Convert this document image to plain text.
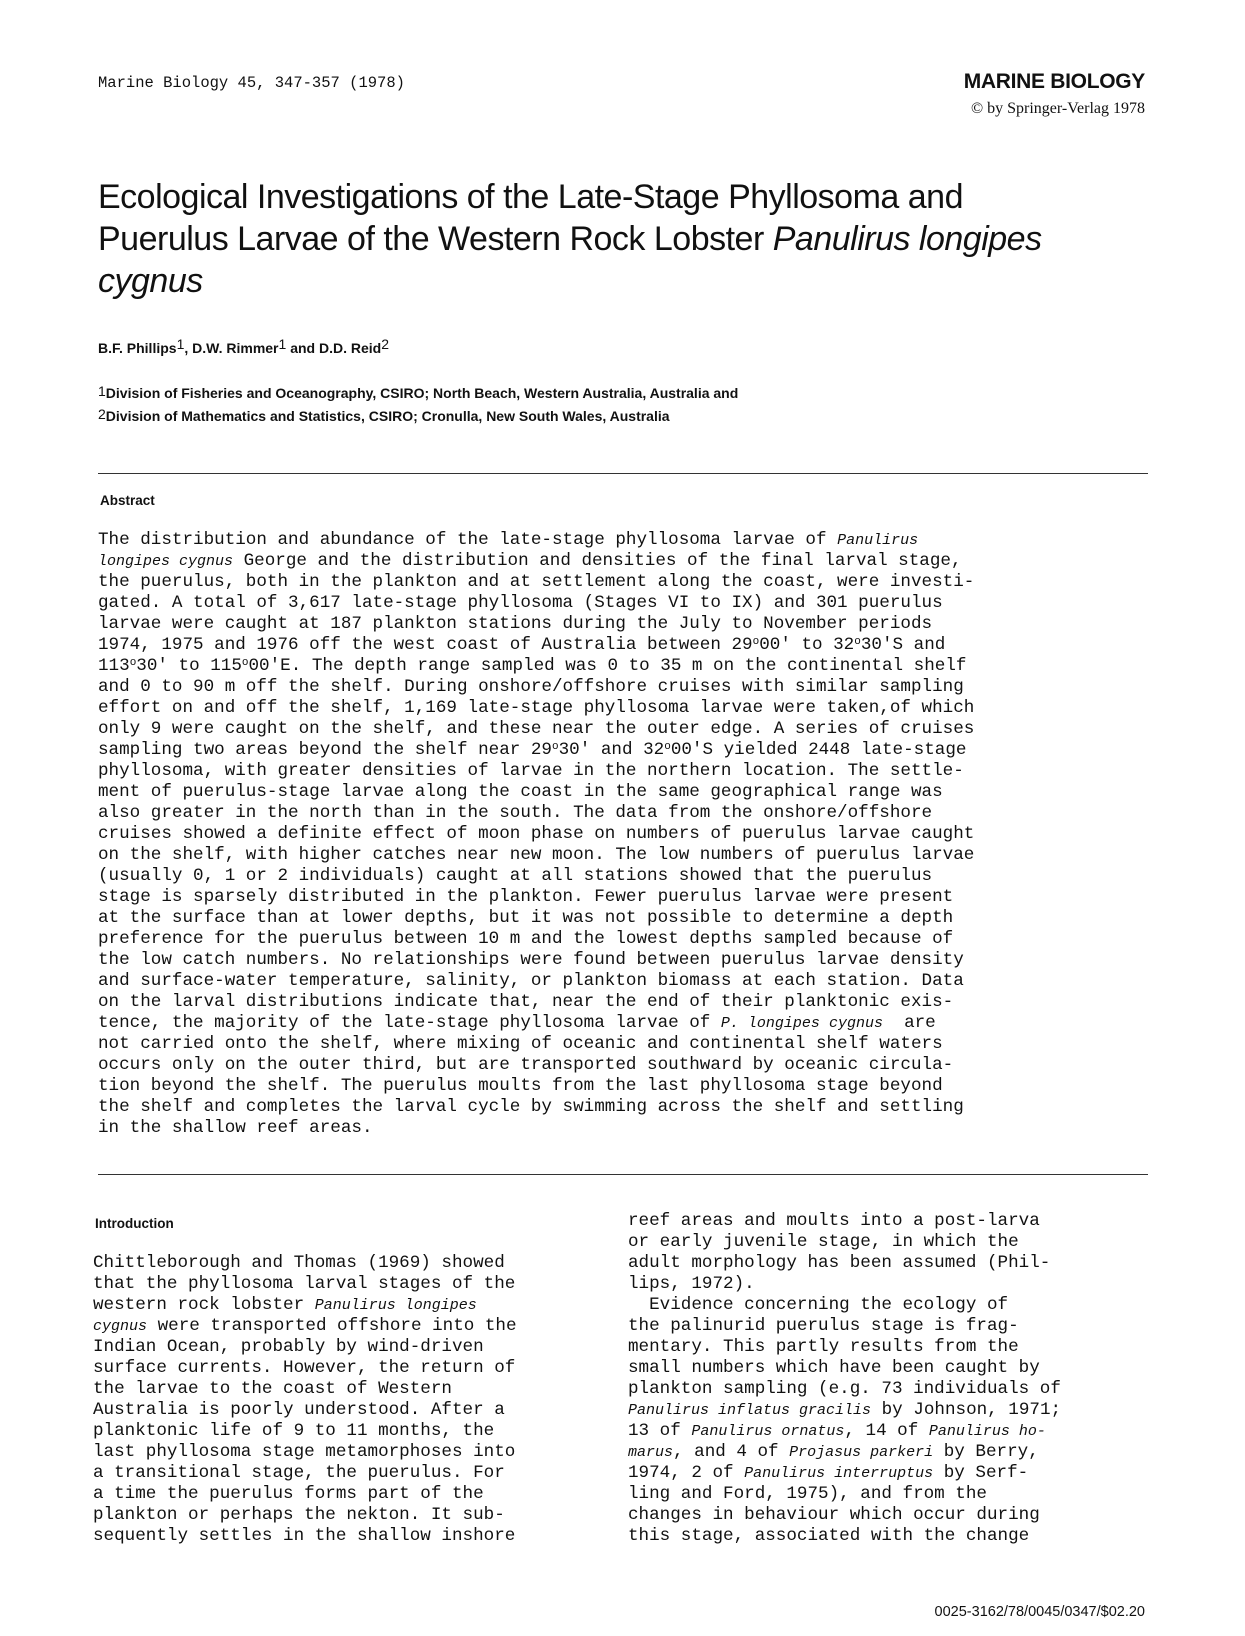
Marine Biology 45, 347-357 (1978)	MARINE BIOLOGY
© by Springer-Verlag 1978
Ecological Investigations of the Late-Stage Phyllosoma and
Puerulus Larvae of the Western Rock Lobster Panulirus longipes
cygnus
B.F. Phillips$^1$, D.W. Rimmer$^1$ and D.D. Reid$^2$
$^1$Division of Fisheries and Oceanography, CSIRO; North Beach, Western Australia, Australia and
$^2$Division of Mathematics and Statistics, CSIRO; Cronulla, New South Wales, Australia
Abstract
The distribution and abundance of the late-stage phyllosoma larvae of Panulirus
longipes cygnus George and the distribution and densities of the final larval stage,
the puerulus, both in the plankton and at settlement along the coast, were investi-
gated. A total of 3,617 late-stage phyllosoma (Stages VI to IX) and 301 puerulus
larvae were caught at 187 plankton stations during the July to November periods
1974, 1975 and 1976 off the west coast of Australia between 29$^o$00' to 32$^o$30'S and
113$^o$30' to 115$^o$00'E. The depth range sampled was 0 to 35 m on the continental shelf
and 0 to 90 m off the shelf. During onshore/offshore cruises with similar sampling
effort on and off the shelf, 1,169 late-stage phyllosoma larvae were taken,of which
only 9 were caught on the shelf, and these near the outer edge. A series of cruises
sampling two areas beyond the shelf near 29$^o$30' and 32$^o$00'S yielded 2448 late-stage
phyllosoma, with greater densities of larvae in the northern location. The settle-
ment of puerulus-stage larvae along the coast in the same geographical range was
also greater in the north than in the south. The data from the onshore/offshore
cruises showed a definite effect of moon phase on numbers of puerulus larvae caught
on the shelf, with higher catches near new moon. The low numbers of puerulus larvae
(usually 0, 1 or 2 individuals) caught at all stations showed that the puerulus
stage is sparsely distributed in the plankton. Fewer puerulus larvae were present
at the surface than at lower depths, but it was not possible to determine a depth
preference for the puerulus between 10 m and the lowest depths sampled because of
the low catch numbers. No relationships were found between puerulus larvae density
and surface-water temperature, salinity, or plankton biomass at each station. Data
on the larval distributions indicate that, near the end of their planktonic exis-
tence, the majority of the late-stage phyllosoma larvae of P. longipes cygnus  are
not carried onto the shelf, where mixing of oceanic and continental shelf waters
occurs only on the outer third, but are transported southward by oceanic circula-
tion beyond the shelf. The puerulus moults from the last phyllosoma stage beyond
the shelf and completes the larval cycle by swimming across the shelf and settling
in the shallow reef areas.
Introduction
Chittleborough and Thomas (1969) showed
that the phyllosoma larval stages of the
western rock lobster Panulirus longipes
cygnus were transported offshore into the
Indian Ocean, probably by wind-driven
surface currents. However, the return of
the larvae to the coast of Western
Australia is poorly understood. After a
planktonic life of 9 to 11 months, the
last phyllosoma stage metamorphoses into
a transitional stage, the puerulus. For
a time the puerulus forms part of the
plankton or perhaps the nekton. It sub-
sequently settles in the shallow inshore
reef areas and moults into a post-larva
or early juvenile stage, in which the
adult morphology has been assumed (Phil-
lips, 1972).
Evidence concerning the ecology of
the palinurid puerulus stage is frag-
mentary. This partly results from the
small numbers which have been caught by
plankton sampling (e.g. 73 individuals of
Panulirus inflatus gracilis by Johnson, 1971;
13 of Panulirus ornatus, 14 of Panulirus ho-
marus, and 4 of Projasus parkeri by Berry,
1974, 2 of Panulirus interruptus by Serf-
ling and Ford, 1975), and from the
changes in behaviour which occur during
this stage, associated with the change
0025-3162/78/0045/0347/$02.20
